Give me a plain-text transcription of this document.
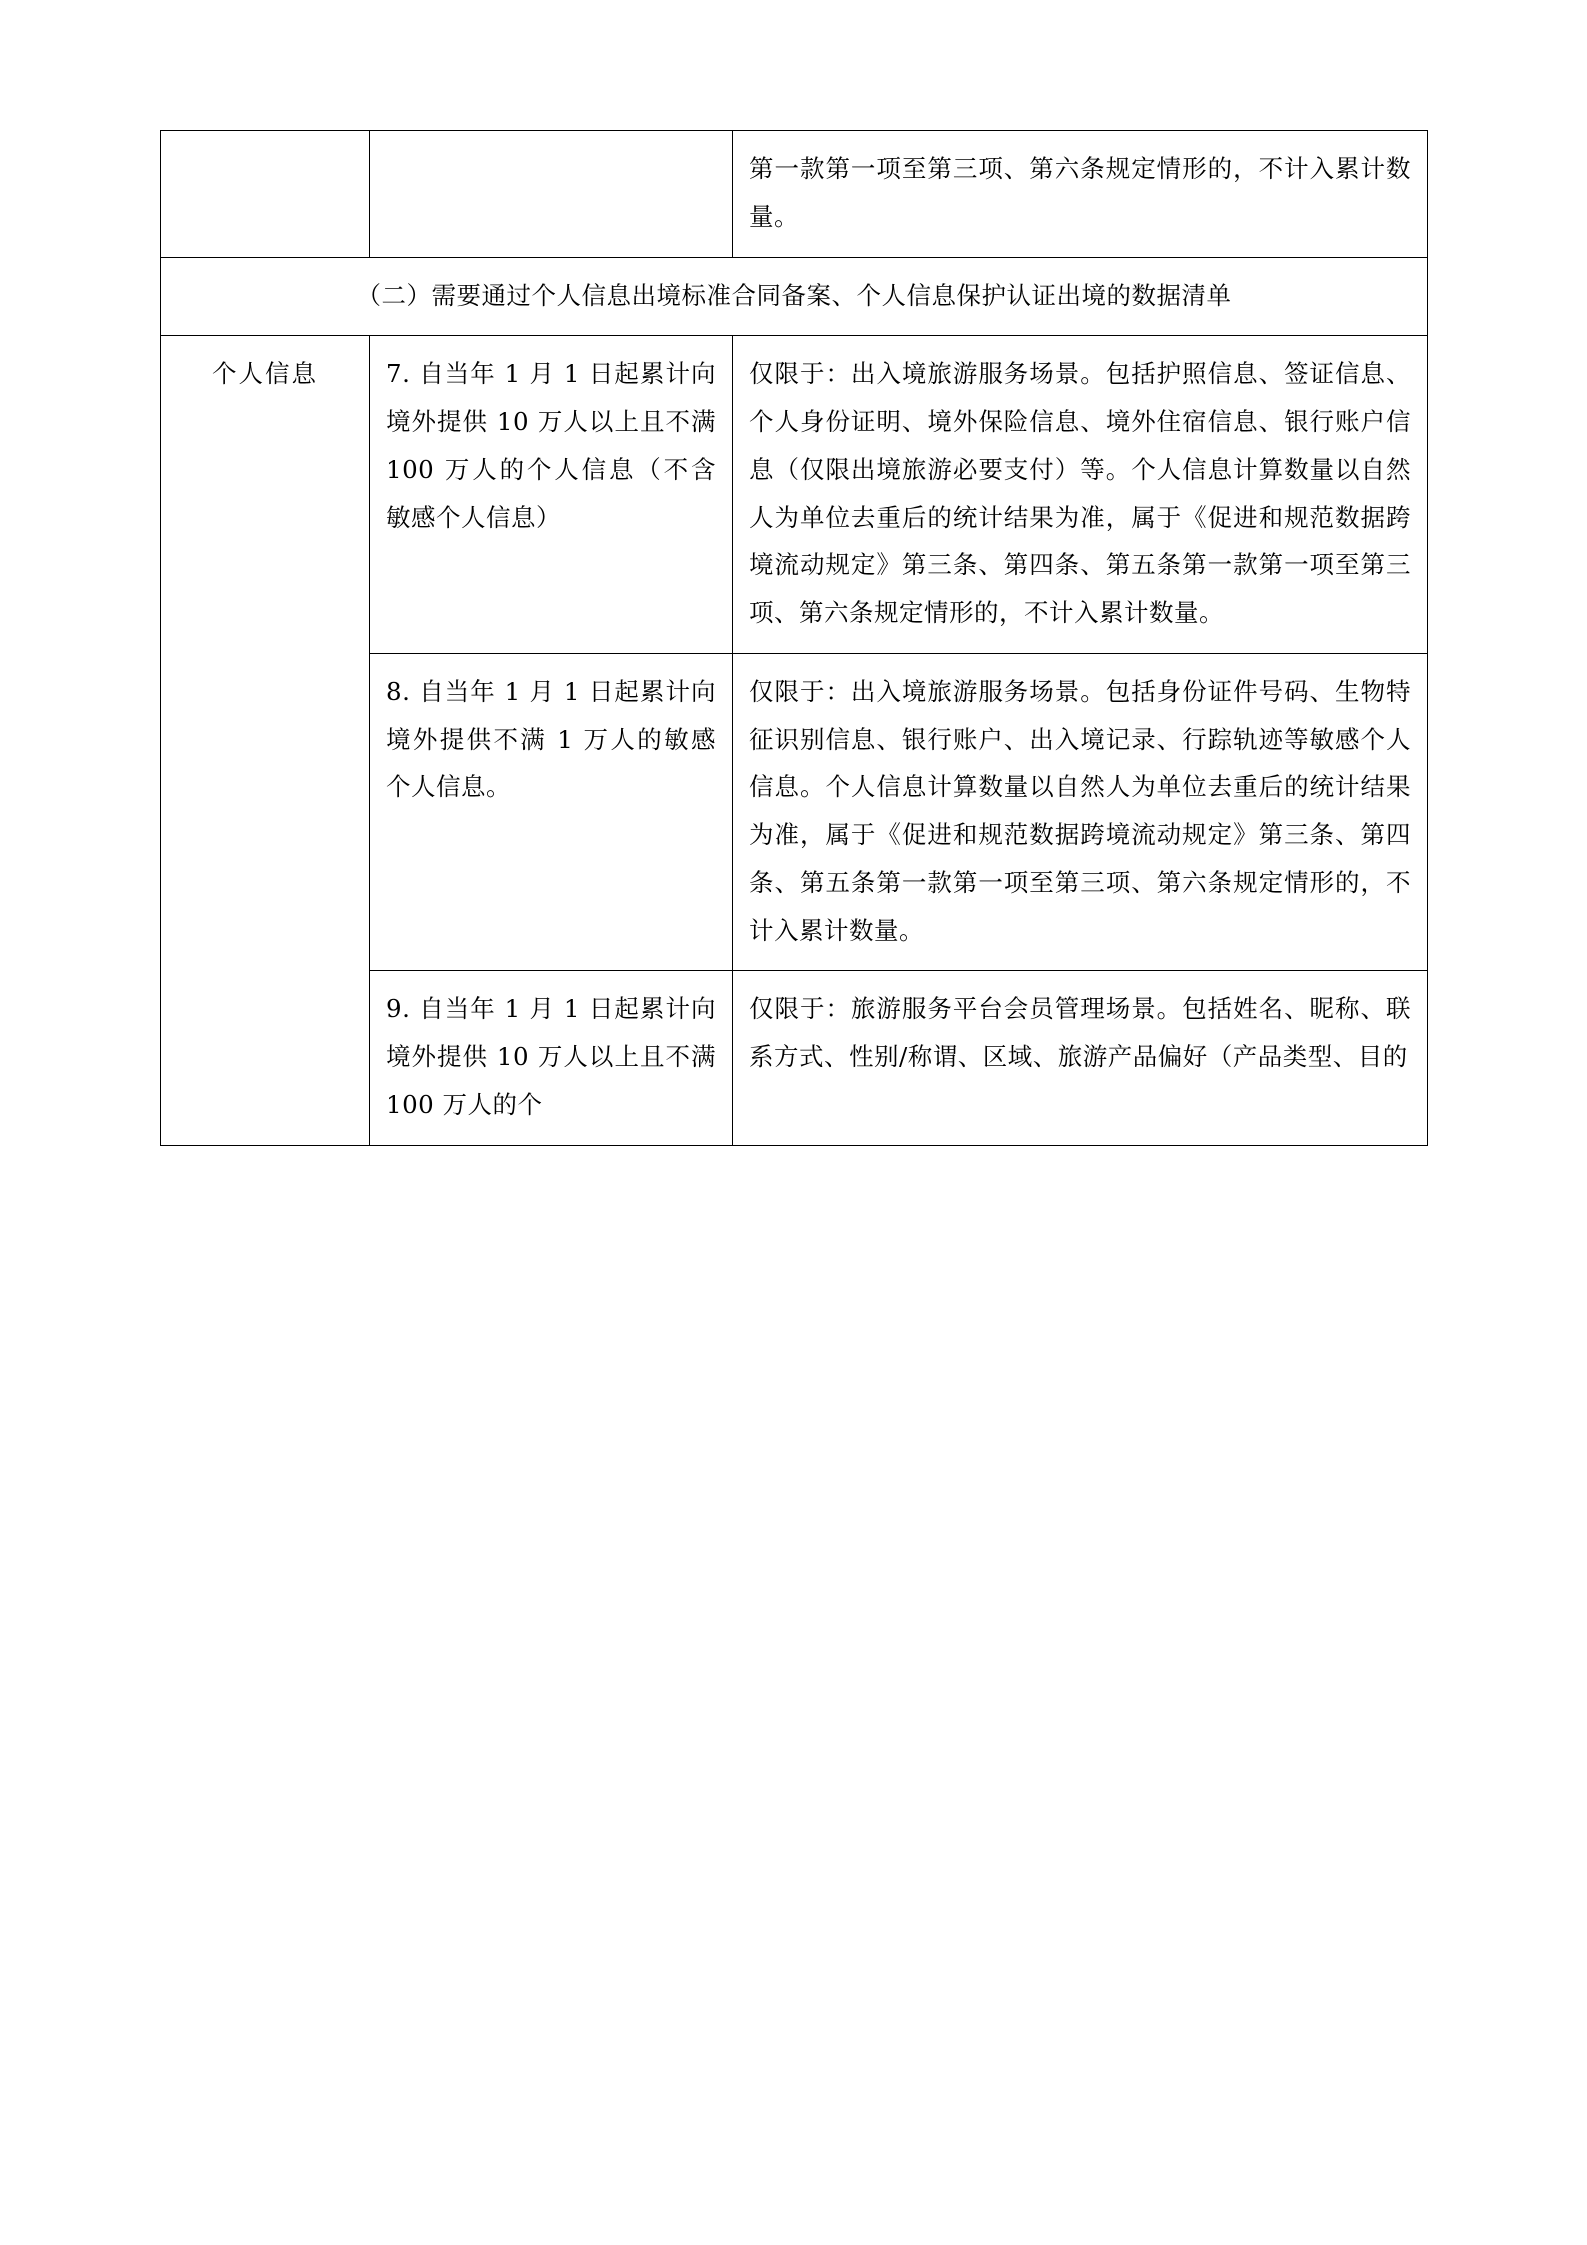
		第一款第一项至第三项、第六条规定情形的，不计入累计数量。

（二）需要通过个人信息出境标准合同备案、个人信息保护认证出境的数据清单		

个人信息	7. 自当年 1 月 1 日起累计向境外提供 10 万人以上且不满 100 万人的个人信息（不含敏感个人信息）	仅限于：出入境旅游服务场景。包括护照信息、签证信息、个人身份证明、境外保险信息、境外住宿信息、银行账户信息（仅限出境旅游必要支付）等。个人信息计算数量以自然人为单位去重后的统计结果为准，属于《促进和规范数据跨境流动规定》第三条、第四条、第五条第一款第一项至第三项、第六条规定情形的，不计入累计数量。

	8. 自当年 1 月 1 日起累计向境外提供不满 1 万人的敏感个人信息。	仅限于：出入境旅游服务场景。包括身份证件号码、生物特征识别信息、银行账户、出入境记录、行踪轨迹等敏感个人信息。个人信息计算数量以自然人为单位去重后的统计结果为准，属于《促进和规范数据跨境流动规定》第三条、第四条、第五条第一款第一项至第三项、第六条规定情形的，不计入累计数量。

	9. 自当年 1 月 1 日起累计向境外提供 10 万人以上且不满 100 万人的个	仅限于：旅游服务平台会员管理场景。包括姓名、昵称、联系方式、性别/称谓、区域、旅游产品偏好（产品类型、目的
